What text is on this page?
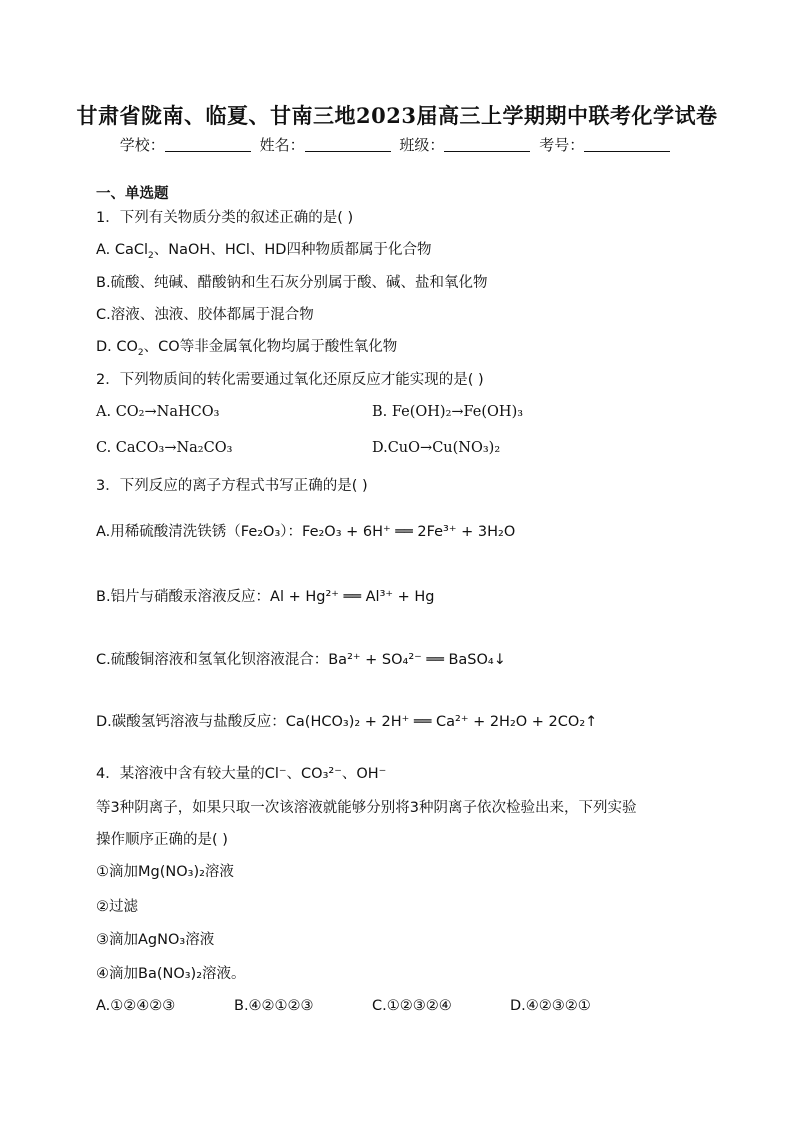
甘肃省陇南、临夏、甘南三地2023届高三上学期期中联考化学试卷
学校：	姓名：	班级：	考号：
一、单选题
1．下列有关物质分类的叙述正确的是( )
A. CaCl$_2$、NaOH、HCl、HD四种物质都属于化合物
B.硫酸、纯碱、醋酸钠和生石灰分别属于酸、碱、盐和氧化物
C.溶液、浊液、胶体都属于混合物
D. $CO_2$、CO等非金属氧化物均属于酸性氧化物
2．下列物质间的转化需要通过氧化还原反应才能实现的是( )
A. CO₂→NaHCO₃	B. Fe(OH)₂→Fe(OH)₃
C. CaCO₃→Na₂CO₃	D.CuO→Cu(NO₃)₂
3．下列反应的离子方程式书写正确的是( )
A.用稀硫酸清洗铁锈（Fe₂O₃）：Fe₂O₃ + 6H⁺ ══ 2Fe³⁺ + 3H₂O
B.铝片与硝酸汞溶液反应：Al + Hg²⁺ ══ Al³⁺ + Hg
C.硫酸铜溶液和氢氧化钡溶液混合：Ba²⁺ + SO₄²⁻ ══ BaSO₄↓
D.碳酸氢钙溶液与盐酸反应：Ca(HCO₃)₂ + 2H⁺ ══ Ca²⁺ + 2H₂O + 2CO₂↑
4．某溶液中含有较大量的Cl⁻、CO₃²⁻、OH⁻
等3种阴离子，如果只取一次该溶液就能够分别将3种阴离子依次检验出来，下列实验
操作顺序正确的是( )
①滴加Mg(NO₃)₂溶液
②过滤
③滴加AgNO₃溶液
④滴加Ba(NO₃)₂溶液。
A.①②④②③	B.④②①②③	C.①②③②④	D.④②③②①
